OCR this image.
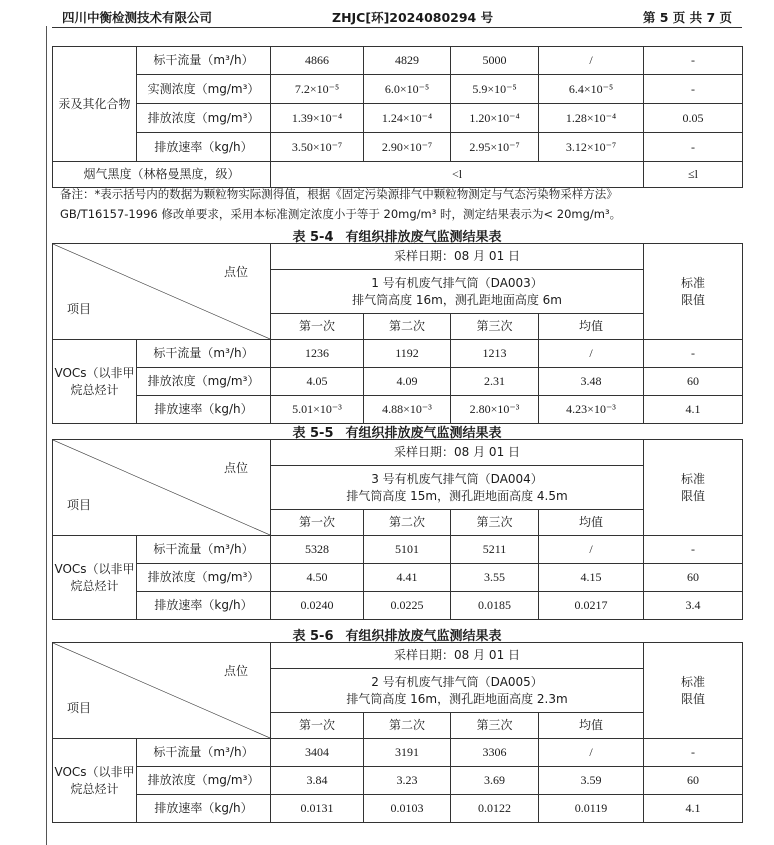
四川中衡检测技术有限公司	ZHJC[环]2024080294 号	第 5 页 共 7 页
汞及其化合物	标干流量（m³/h）	4866	4829	5000	/	-
	实测浓度（mg/m³）	7.2×10⁻⁵	6.0×10⁻⁵	5.9×10⁻⁵	6.4×10⁻⁵	-
	排放浓度（mg/m³）	1.39×10⁻⁴	1.24×10⁻⁴	1.20×10⁻⁴	1.28×10⁻⁴	0.05
	排放速率（kg/h）	3.50×10⁻⁷	2.90×10⁻⁷	2.95×10⁻⁷	3.12×10⁻⁷	-
烟气黑度（林格曼黑度，级）		<l				≤l
备注：*表示括号内的数据为颗粒物实际测得值，根据《固定污染源排气中颗粒物测定与气态污染物采样方法》
GB/T16157-1996 修改单要求，采用本标准测定浓度小于等于 20mg/m³ 时，测定结果表示为< 20mg/m³。
表 5-4 有组织排放废气监测结果表
点位
项目		采样日期：08 月 01 日				标准
限值

		1 号有机废气排气筒（DA003）
排气筒高度 16m，测孔距地面高度 6m				

		第一次	第二次	第三次	均值	

VOCs（以非甲
烷总烃计	标干流量（m³/h）	1236	1192	1213	/	-
	排放浓度（mg/m³）	4.05	4.09	2.31	3.48	60
	排放速率（kg/h）	5.01×10⁻³	4.88×10⁻³	2.80×10⁻³	4.23×10⁻³	4.1
表 5-5 有组织排放废气监测结果表
点位
项目		采样日期：08 月 01 日				标准
限值

		3 号有机废气排气筒（DA004）
排气筒高度 15m，测孔距地面高度 4.5m				

		第一次	第二次	第三次	均值	

VOCs（以非甲
烷总烃计	标干流量（m³/h）	5328	5101	5211	/	-
	排放浓度（mg/m³）	4.50	4.41	3.55	4.15	60
	排放速率（kg/h）	0.0240	0.0225	0.0185	0.0217	3.4
表 5-6 有组织排放废气监测结果表
点位
项目		采样日期：08 月 01 日				标准
限值

		2 号有机废气排气筒（DA005）
排气筒高度 16m，测孔距地面高度 2.3m				

		第一次	第二次	第三次	均值	

VOCs（以非甲
烷总烃计	标干流量（m³/h）	3404	3191	3306	/	-
	排放浓度（mg/m³）	3.84	3.23	3.69	3.59	60
	排放速率（kg/h）	0.0131	0.0103	0.0122	0.0119	4.1
